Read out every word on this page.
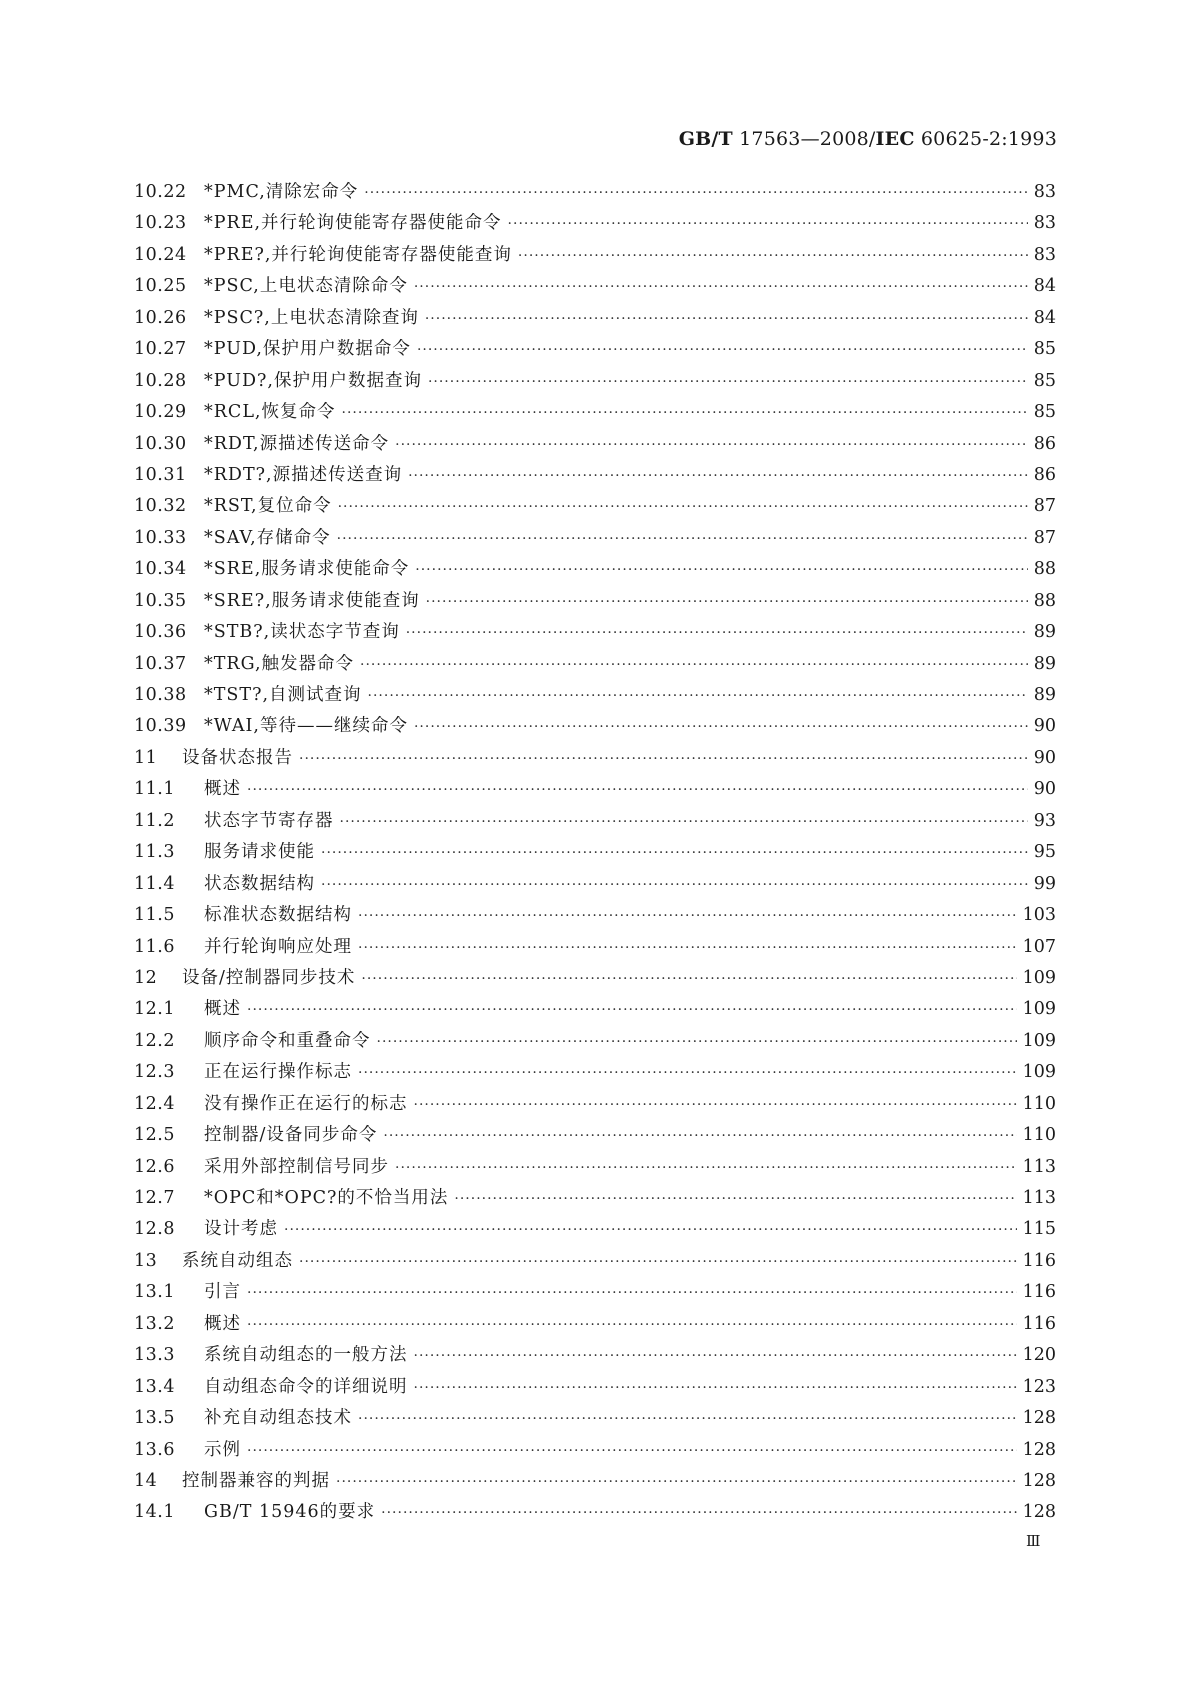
GB/T 17563—2008/IEC 60625-2:1993
10.22 *PMC,清除宏命令 ·····	83
10.23 *PRE,并行轮询使能寄存器使能命令 ·····	83
10.24 *PRE?,并行轮询使能寄存器使能查询 ·····	83
10.25 *PSC,上电状态清除命令 ·····	84
10.26 *PSC?,上电状态清除查询 ·····	84
10.27 *PUD,保护用户数据命令 ·····	85
10.28 *PUD?,保护用户数据查询 ·····	85
10.29 *RCL,恢复命令 ·····	85
10.30 *RDT,源描述传送命令 ·····	86
10.31 *RDT?,源描述传送查询 ·····	86
10.32 *RST,复位命令 ·····	87
10.33 *SAV,存储命令 ·····	87
10.34 *SRE,服务请求使能命令 ·····	88
10.35 *SRE?,服务请求使能查询 ·····	88
10.36 *STB?,读状态字节查询 ·····	89
10.37 *TRG,触发器命令 ·····	89
10.38 *TST?,自测试查询 ·····	89
10.39 *WAI,等待——继续命令 ·····	90
11	设备状态报告 ·····	90
11.1	概述 ·····	90
11.2	状态字节寄存器 ·····	93
11.3	服务请求使能 ·····	95
11.4	状态数据结构 ·····	99
11.5	标准状态数据结构 ·····	103
11.6	并行轮询响应处理 ·····	107
12	设备/控制器同步技术 ·····	109
12.1	概述 ·····	109
12.2	顺序命令和重叠命令 ·····	109
12.3	正在运行操作标志 ·····	109
12.4	没有操作正在运行的标志 ·····	110
12.5	控制器/设备同步命令 ·····	110
12.6	采用外部控制信号同步 ·····	113
12.7	*OPC和*OPC?的不恰当用法 ·····	113
12.8	设计考虑 ·····	115
13	系统自动组态 ·····	116
13.1	引言 ·····	116
13.2	概述 ·····	116
13.3	系统自动组态的一般方法 ·····	120
13.4	自动组态命令的详细说明 ·····	123
13.5	补充自动组态技术 ·····	128
13.6	示例 ·····	128
14	控制器兼容的判据 ·····	128
14.1	GB/T 15946的要求 ·····	128
Ⅲ
